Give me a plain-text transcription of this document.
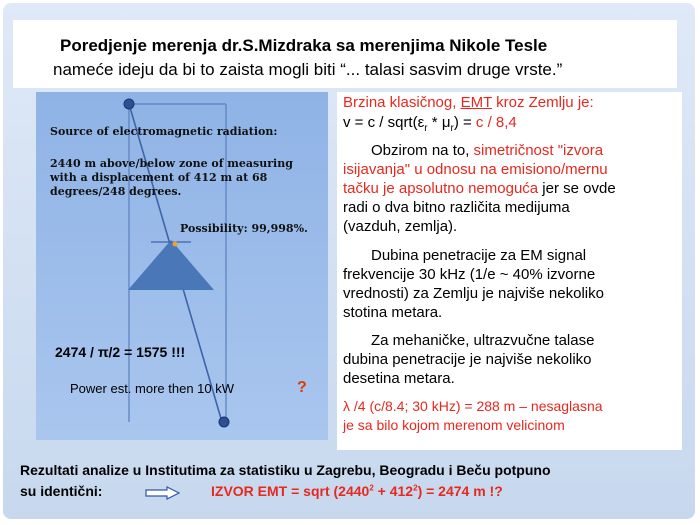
Poredjenje merenja dr.S.Mizdraka sa merenjima Nikole Tesle
nameće ideju da bi to zaista mogli biti “... talasi sasvim druge vrste.”
Source of electromagnetic radiation:
2440 m above/below zone of measuring
with a displacement of 412 m at 68
degrees/248 degrees.
Possibility: 99,998%.
2474 / π/2 = 1575 !!!
Power est. more then 10 kW	?
Brzina klasičnog, EMT kroz Zemlju je:
$v = c / sqrt(\varepsilon_r * \mu_r) = c / 8,4$
Obzirom na to, simetričnost "izvora
isijavanja" u odnosu na emisiono/mernu
tačku je apsolutno nemoguća jer se ovde
radi o dva bitno različita medijuma
(vazduh, zemlja).
Dubina penetracije za EM signal
frekvencije 30 kHz (1/e ~ 40% izvorne
vrednosti) za Zemlju je najviše nekoliko
stotina metara.
Za mehaničke, ultrazvučne talase
dubina penetracije je najviše nekoliko
desetina metara.
λ /4 (c/8.4; 30 kHz) = 288 m – nesaglasna
je sa bilo kojom merenom velicinom
Rezultati analize u Institutima za statistiku u Zagrebu, Beogradu i Beču potpuno
su identični:	IZVOR EMT = sqrt $(2440^2 + 412^2) = 2474$ m !?
